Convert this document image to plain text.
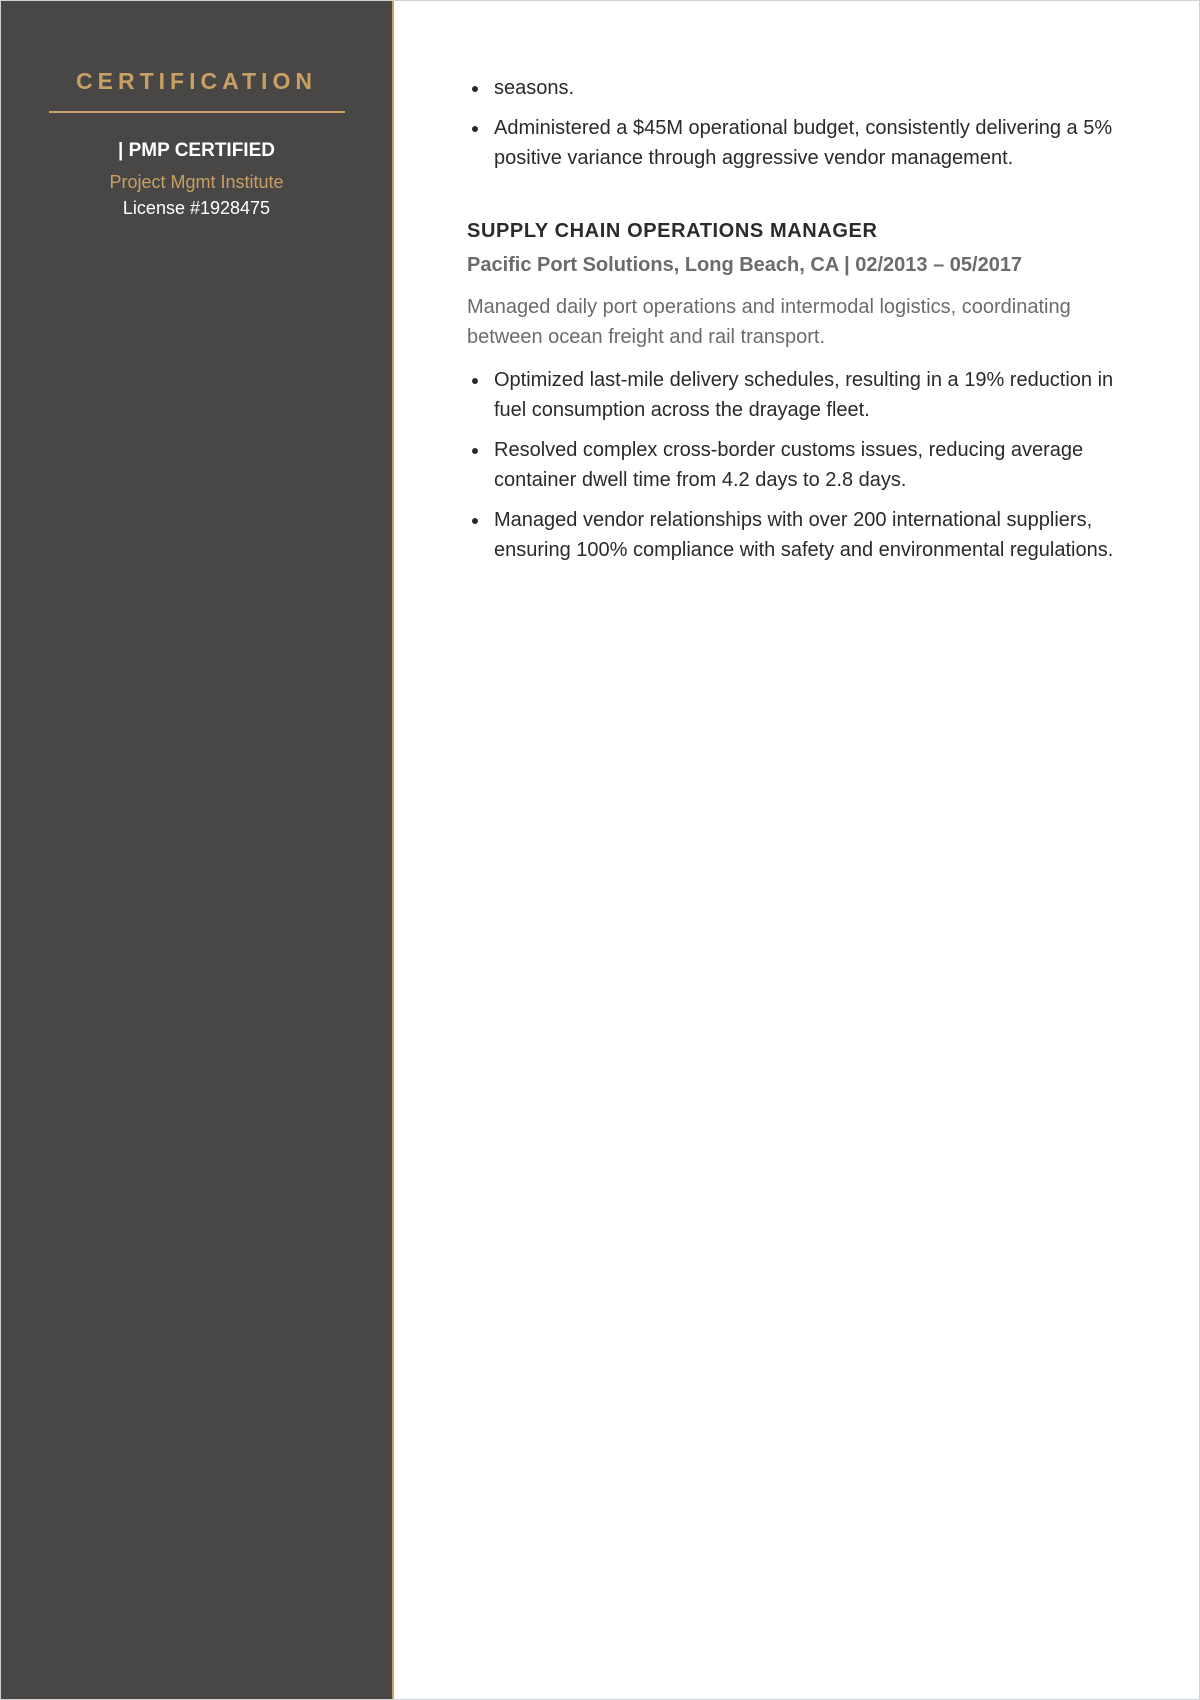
CERTIFICATION
| PMP CERTIFIED
Project Mgmt Institute
License #1928475
seasons.
Administered a $45M operational budget, consistently delivering a 5% positive variance through aggressive vendor management.
SUPPLY CHAIN OPERATIONS MANAGER
Pacific Port Solutions, Long Beach, CA | 02/2013 – 05/2017

Managed daily port operations and intermodal logistics, coordinating between ocean freight and rail transport.

Optimized last-mile delivery schedules, resulting in a 19% reduction in fuel consumption across the drayage fleet.
Resolved complex cross-border customs issues, reducing average container dwell time from 4.2 days to 2.8 days.
Managed vendor relationships with over 200 international suppliers, ensuring 100% compliance with safety and environmental regulations.
